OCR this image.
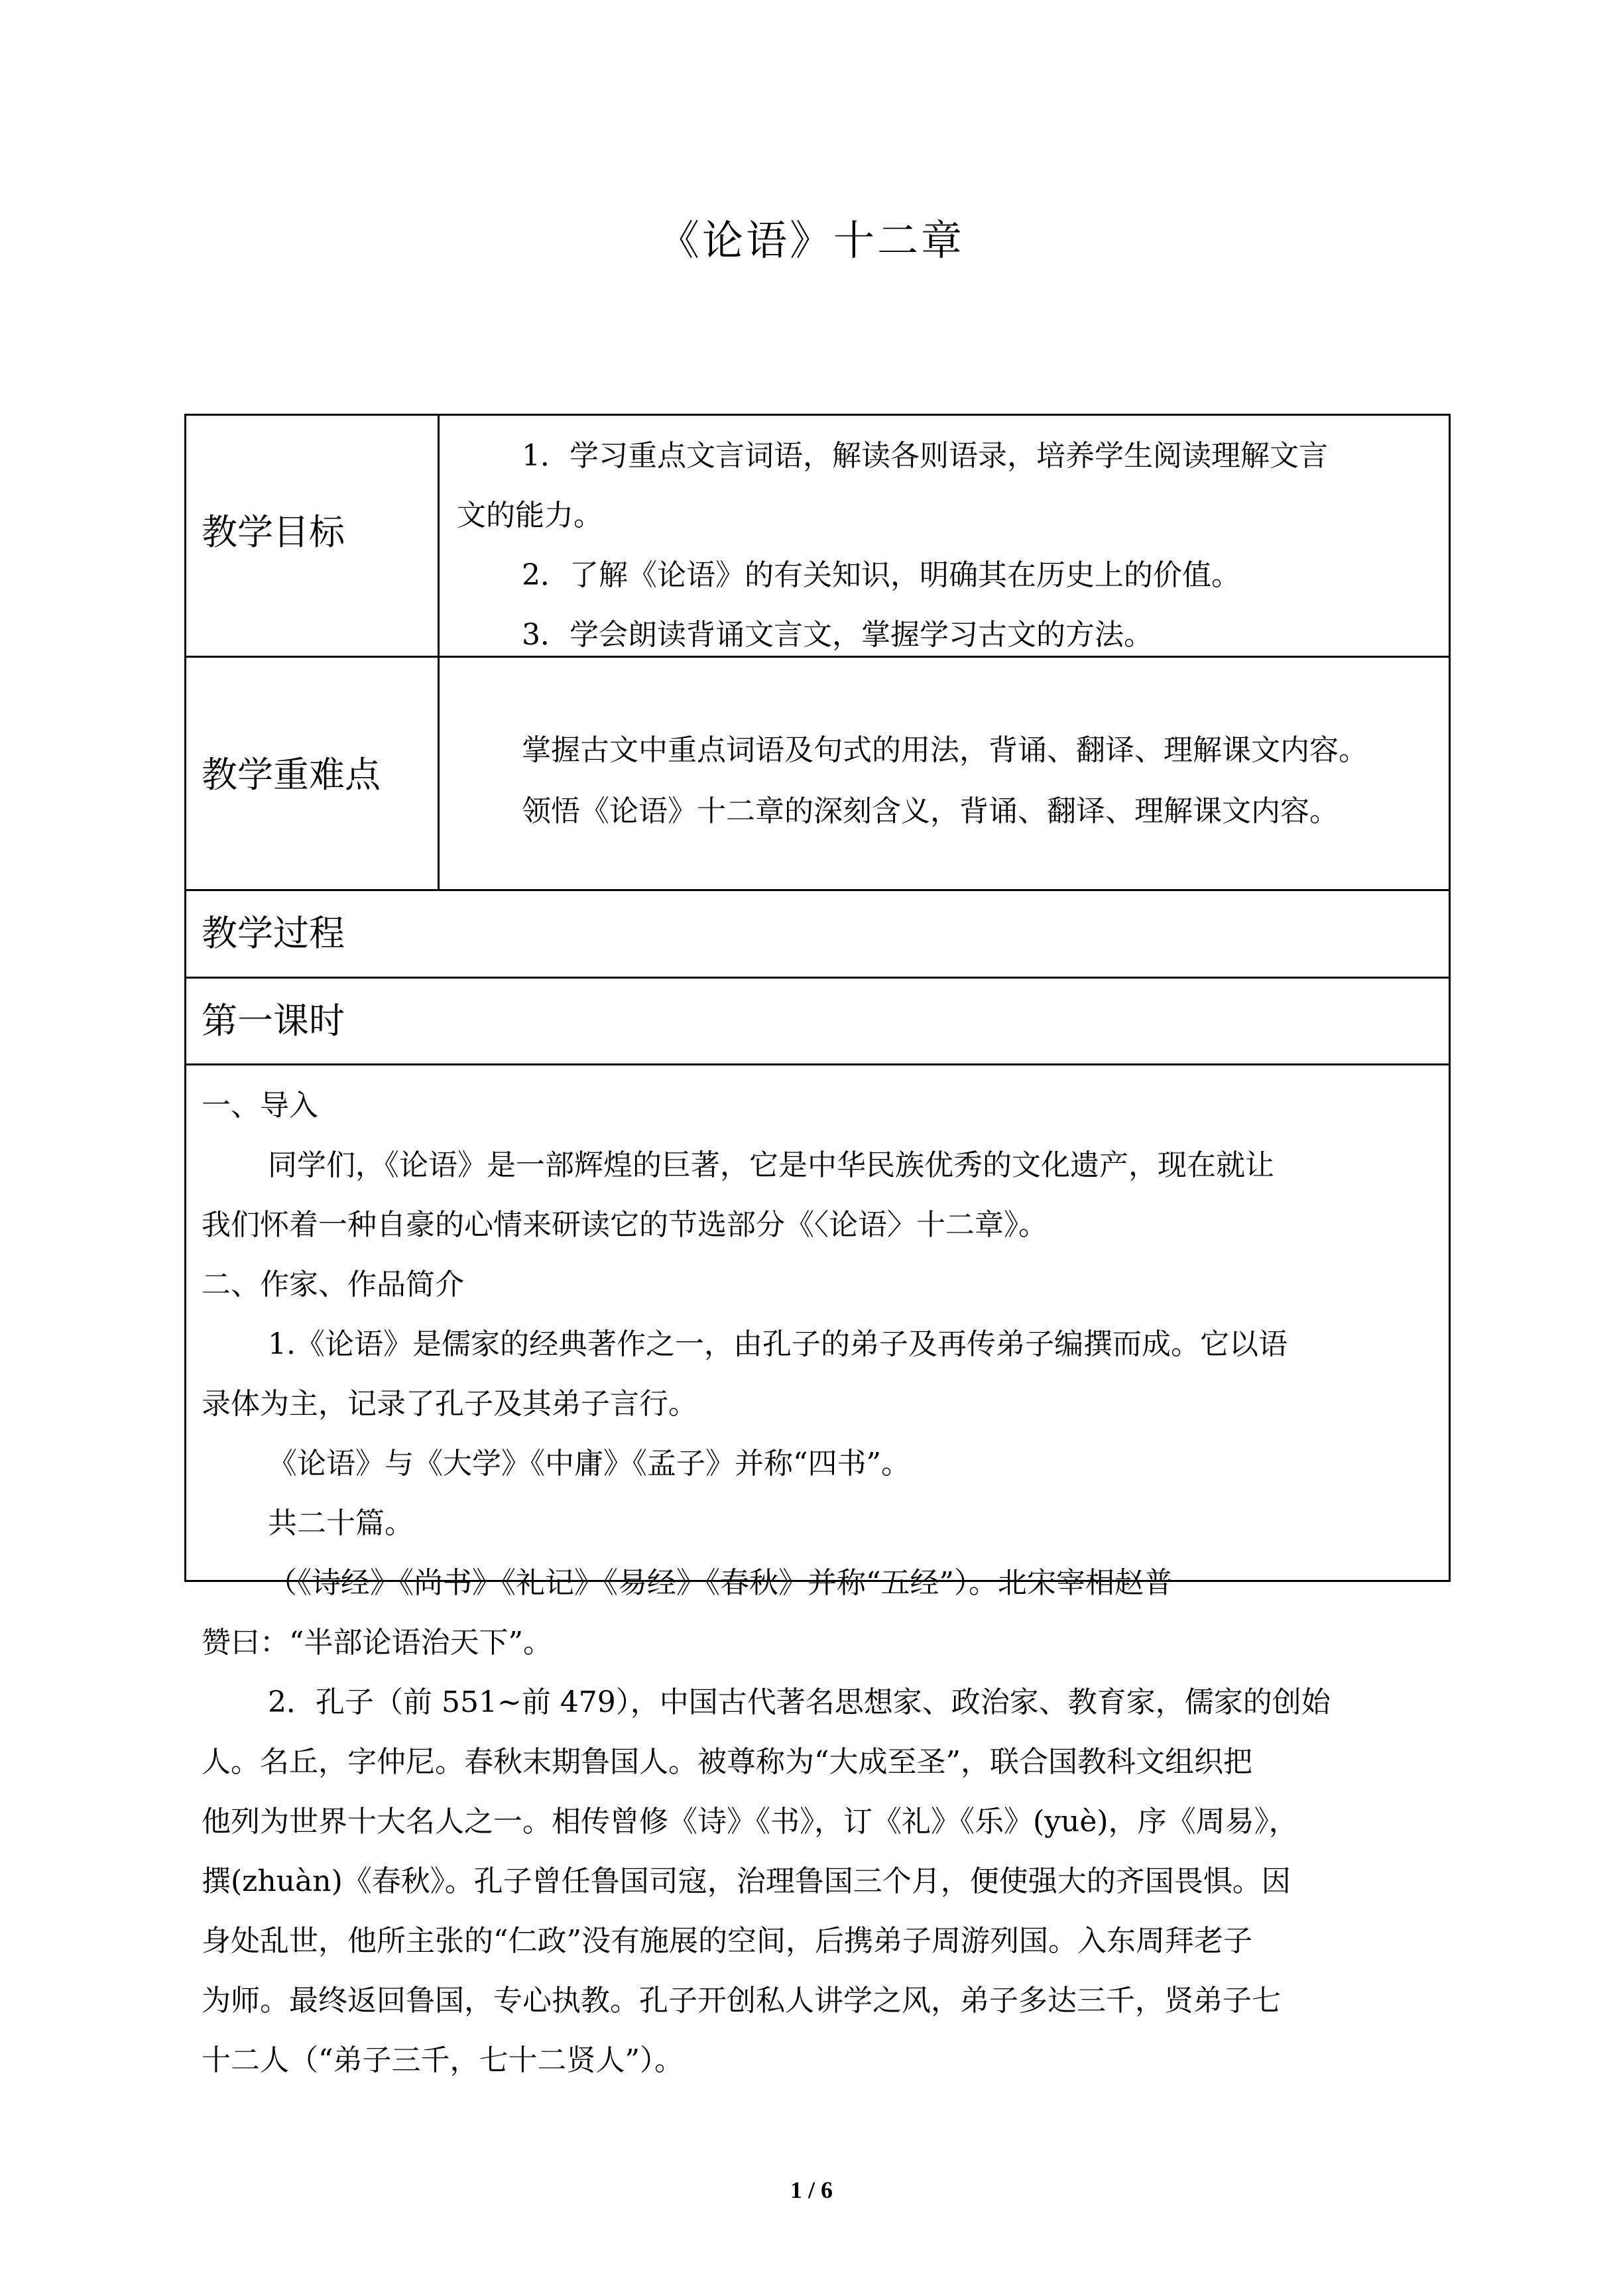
《论语》十二章
教学目标
教学重难点
教学过程
第一课时
1．学习重点文言词语，解读各则语录，培养学生阅读理解文言
文的能力。
2．了解《论语》的有关知识，明确其在历史上的价值。
3．学会朗读背诵文言文，掌握学习古文的方法。
掌握古文中重点词语及句式的用法，背诵、翻译、理解课文内容。
领悟《论语》十二章的深刻含义，背诵、翻译、理解课文内容。
一、导入
同学们，《论语》是一部辉煌的巨著，它是中华民族优秀的文化遗产，现在就让
我们怀着一种自豪的心情来研读它的节选部分《〈论语〉十二章》。
二、作家、作品简介
1.《论语》是儒家的经典著作之一，由孔子的弟子及再传弟子编撰而成。它以语
录体为主，记录了孔子及其弟子言行。
《论语》与《大学》《中庸》《孟子》并称“四书”。
共二十篇。
（《诗经》《尚书》《礼记》《易经》《春秋》并称“五经”）。北宋宰相赵普
赞曰：“半部论语治天下”。
2．孔子（前 551~前 479），中国古代著名思想家、政治家、教育家，儒家的创始
人。名丘，字仲尼。春秋末期鲁国人。被尊称为“大成至圣”，联合国教科文组织把
他列为世界十大名人之一。相传曾修《诗》《书》，订《礼》《乐》(yuè)，序《周易》，
撰(zhuàn)《春秋》。孔子曾任鲁国司寇，治理鲁国三个月，便使强大的齐国畏惧。因
身处乱世，他所主张的“仁政”没有施展的空间，后携弟子周游列国。入东周拜老子
为师。最终返回鲁国，专心执教。孔子开创私人讲学之风，弟子多达三千，贤弟子七
十二人（“弟子三千，七十二贤人”）。
1 / 6
